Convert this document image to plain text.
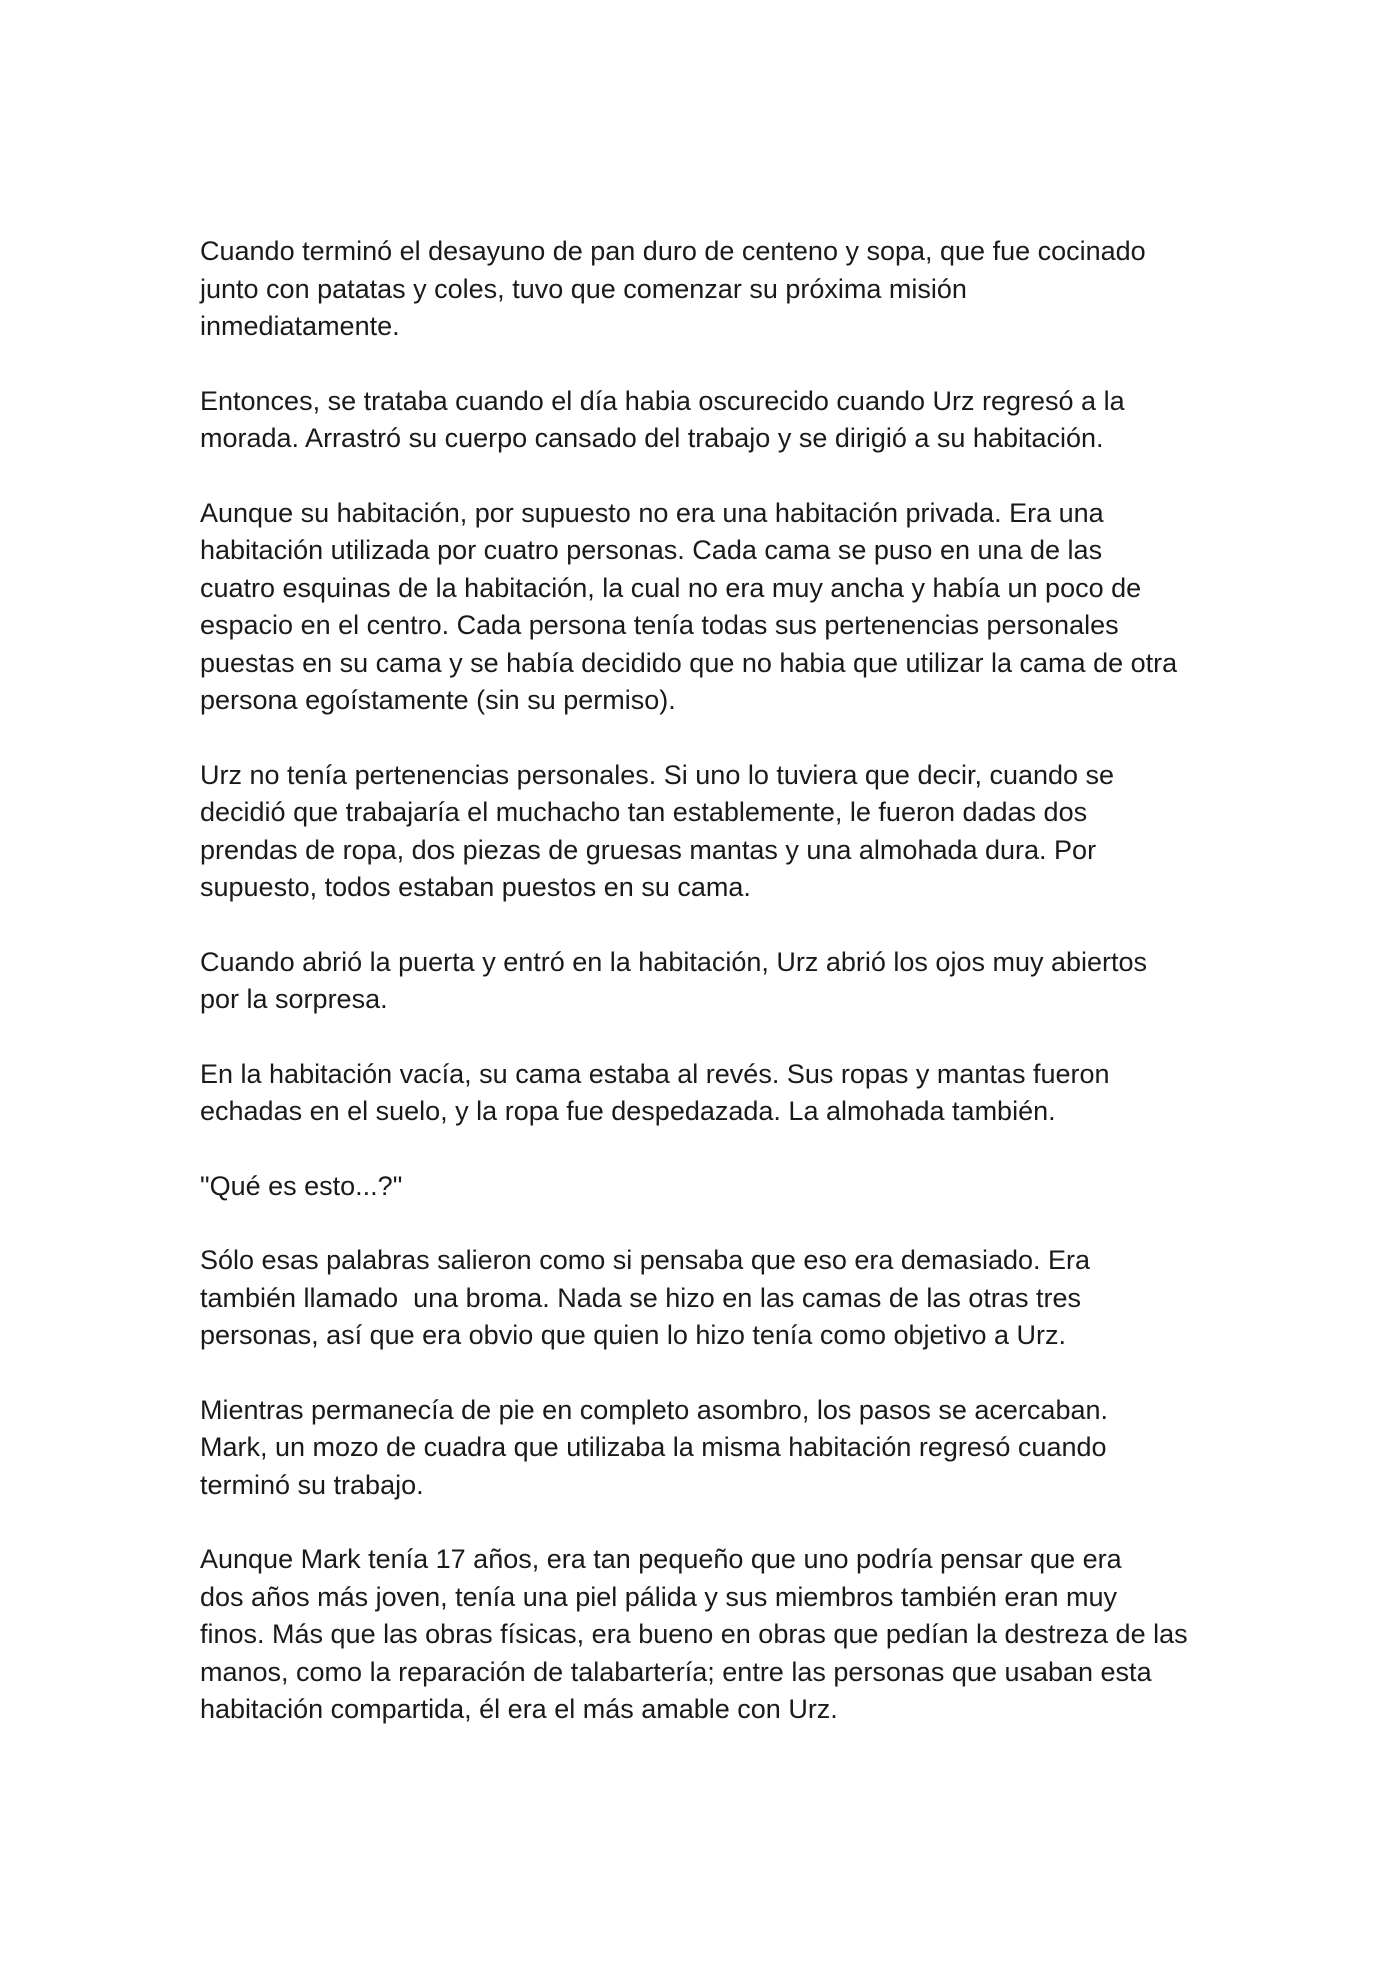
Cuando terminó el desayuno de pan duro de centeno y sopa, que fue cocinado
junto con patatas y coles, tuvo que comenzar su próxima misión
inmediatamente.

Entonces, se trataba cuando el día habia oscurecido cuando Urz regresó a la
morada. Arrastró su cuerpo cansado del trabajo y se dirigió a su habitación.

Aunque su habitación, por supuesto no era una habitación privada. Era una
habitación utilizada por cuatro personas. Cada cama se puso en una de las
cuatro esquinas de la habitación, la cual no era muy ancha y había un poco de
espacio en el centro. Cada persona tenía todas sus pertenencias personales
puestas en su cama y se había decidido que no habia que utilizar la cama de otra
persona egoístamente (sin su permiso).

Urz no tenía pertenencias personales. Si uno lo tuviera que decir, cuando se
decidió que trabajaría el muchacho tan establemente, le fueron dadas dos
prendas de ropa, dos piezas de gruesas mantas y una almohada dura. Por
supuesto, todos estaban puestos en su cama.

Cuando abrió la puerta y entró en la habitación, Urz abrió los ojos muy abiertos
por la sorpresa.

En la habitación vacía, su cama estaba al revés. Sus ropas y mantas fueron
echadas en el suelo, y la ropa fue despedazada. La almohada también.

"Qué es esto...?"

Sólo esas palabras salieron como si pensaba que eso era demasiado. Era
también llamado  una broma. Nada se hizo en las camas de las otras tres
personas, así que era obvio que quien lo hizo tenía como objetivo a Urz.

Mientras permanecía de pie en completo asombro, los pasos se acercaban.
Mark, un mozo de cuadra que utilizaba la misma habitación regresó cuando
terminó su trabajo.

Aunque Mark tenía 17 años, era tan pequeño que uno podría pensar que era
dos años más joven, tenía una piel pálida y sus miembros también eran muy
finos. Más que las obras físicas, era bueno en obras que pedían la destreza de las
manos, como la reparación de talabartería; entre las personas que usaban esta
habitación compartida, él era el más amable con Urz.
